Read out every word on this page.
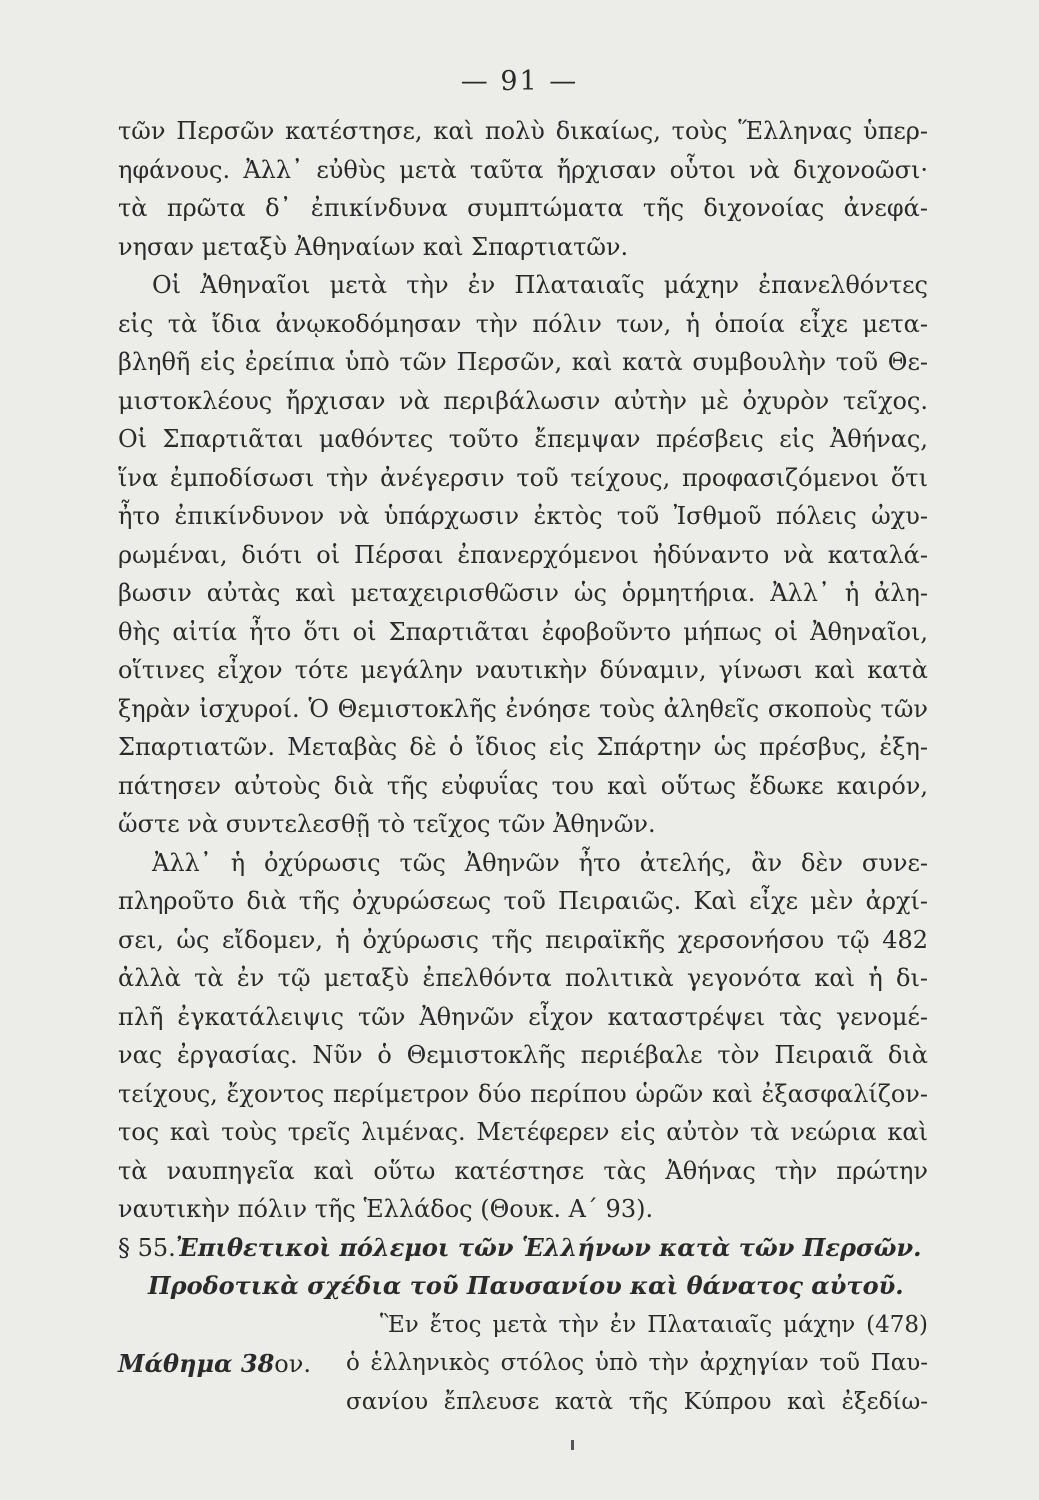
— 91 —
τῶν Περσῶν κατέστησε, καὶ πολὺ δικαίως, τοὺς Ἕλληνας ὑπερ-
ηφάνους. Ἀλλ᾽ εὐθὺς μετὰ ταῦτα ἤρχισαν οὗτοι νὰ διχονοῶσι·
τὰ πρῶτα δ᾽ ἐπικίνδυνα συμπτώματα τῆς διχονοίας ἀνεφά-
νησαν μεταξὺ Ἀθηναίων καὶ Σπαρτιατῶν.
Οἱ Ἀθηναῖοι μετὰ τὴν ἐν Πλαταιαῖς μάχην ἐπανελθόντες
εἰς τὰ ἴδια ἀνῳκοδόμησαν τὴν πόλιν των, ἡ ὁποία εἶχε μετα-
βληθῆ εἰς ἐρείπια ὑπὸ τῶν Περσῶν, καὶ κατὰ συμβουλὴν τοῦ Θε-
μιστοκλέους ἤρχισαν νὰ περιβάλωσιν αὐτὴν μὲ ὀχυρὸν τεῖχος.
Οἱ Σπαρτιᾶται μαθόντες τοῦτο ἔπεμψαν πρέσβεις εἰς Ἀθήνας,
ἵνα ἐμποδίσωσι τὴν ἀνέγερσιν τοῦ τείχους, προφασιζόμενοι ὅτι
ἦτο ἐπικίνδυνον νὰ ὑπάρχωσιν ἐκτὸς τοῦ Ἰσθμοῦ πόλεις ὠχυ-
ρωμέναι, διότι οἱ Πέρσαι ἐπανερχόμενοι ἠδύναντο νὰ καταλά-
βωσιν αὐτὰς καὶ μεταχειρισθῶσιν ὡς ὁρμητήρια. Ἀλλ᾽ ἡ ἀλη-
θὴς αἰτία ἦτο ὅτι οἱ Σπαρτιᾶται ἐφοβοῦντο μήπως οἱ Ἀθηναῖοι,
οἵτινες εἶχον τότε μεγάλην ναυτικὴν δύναμιν, γίνωσι καὶ κατὰ
ξηρὰν ἰσχυροί. Ὁ Θεμιστοκλῆς ἐνόησε τοὺς ἀληθεῖς σκοποὺς τῶν
Σπαρτιατῶν. Μεταβὰς δὲ ὁ ἴδιος εἰς Σπάρτην ὡς πρέσβυς, ἐξη-
πάτησεν αὐτοὺς διὰ τῆς εὐφυΐας του καὶ οὕτως ἔδωκε καιρόν,
ὥστε νὰ συντελεσθῇ τὸ τεῖχος τῶν Ἀθηνῶν.
Ἀλλ᾽ ἡ ὀχύρωσις τῶς Ἀθηνῶν ἦτο ἀτελής, ἂν δὲν συνε-
πληροῦτο διὰ τῆς ὀχυρώσεως τοῦ Πειραιῶς. Καὶ εἶχε μὲν ἀρχί-
σει, ὡς εἴδομεν, ἡ ὀχύρωσις τῆς πειραϊκῆς χερσονήσου τῷ 482
ἀλλὰ τὰ ἐν τῷ μεταξὺ ἐπελθόντα πολιτικὰ γεγονότα καὶ ἡ δι-
πλῆ ἐγκατάλειψις τῶν Ἀθηνῶν εἶχον καταστρέψει τὰς γενομέ-
νας ἐργασίας. Νῦν ὁ Θεμιστοκλῆς περιέβαλε τὸν Πειραιᾶ διὰ
τείχους, ἔχοντος περίμετρον δύο περίπου ὡρῶν καὶ ἐξασφαλίζον-
τος καὶ τοὺς τρεῖς λιμένας. Μετέφερεν εἰς αὐτὸν τὰ νεώρια καὶ
τὰ ναυπηγεῖα καὶ οὕτω κατέστησε τὰς Ἀθήνας τὴν πρώτην
ναυτικὴν πόλιν τῆς Ἑλλάδος (Θουκ. Α´ 93).
§ 55.Ἐπιθετικοὶ πόλεμοι τῶν Ἑλλήνων κατὰ τῶν Περσῶν.
Προδοτικὰ σχέδια τοῦ Παυσανίου καὶ θάνατος αὐτοῦ.
Μάθημα 38ον.
Ἓν ἔτος μετὰ τὴν ἐν Πλαταιαῖς μάχην (478)
ὁ ἑλληνικὸς στόλος ὑπὸ τὴν ἀρχηγίαν τοῦ Παυ-
σανίου ἔπλευσε κατὰ τῆς Κύπρου καὶ ἐξεδίω-
